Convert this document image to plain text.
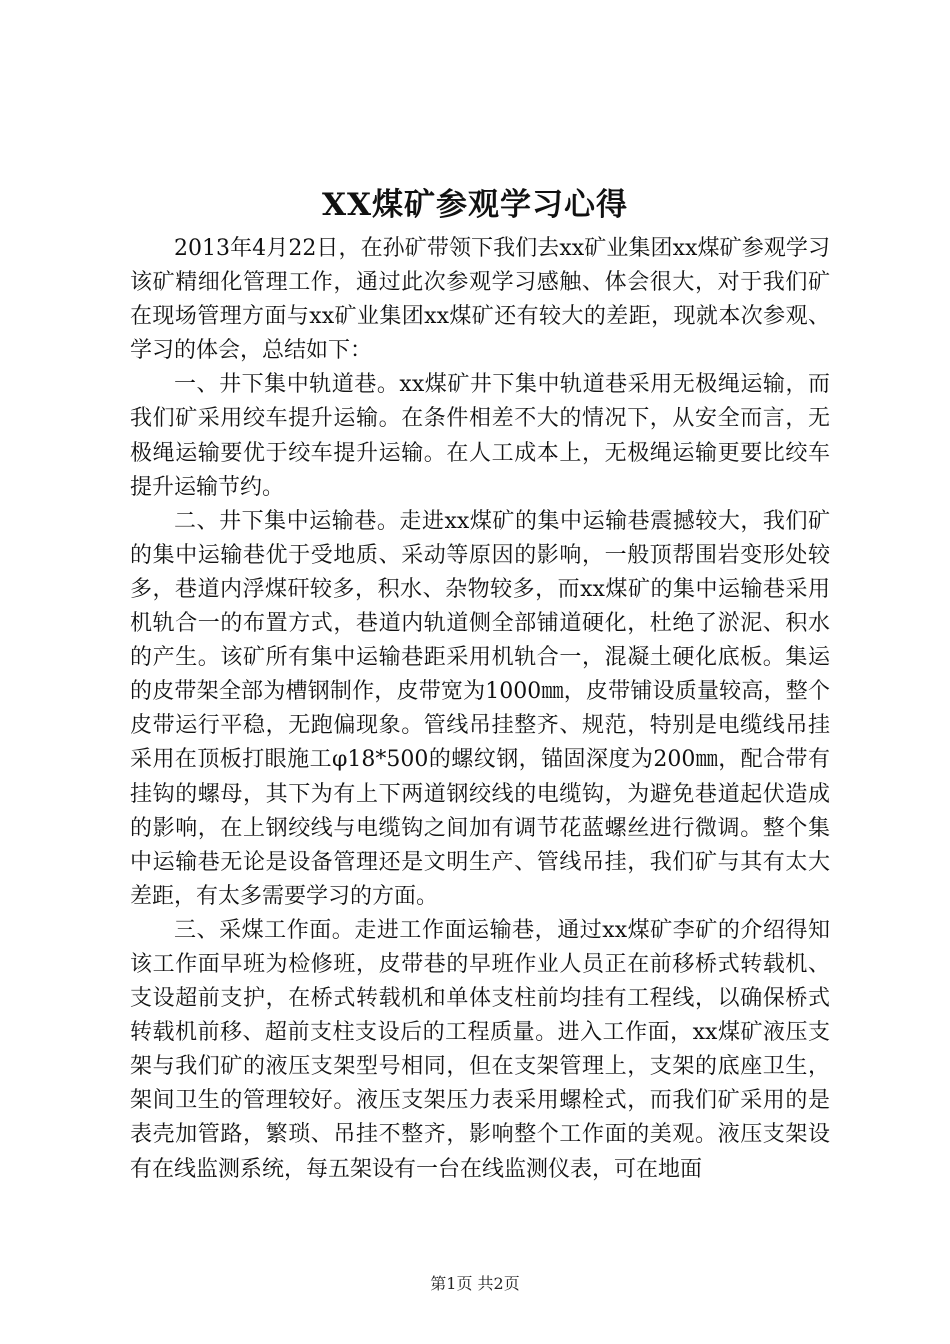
XX煤矿参观学习心得

2013年4月22日，在孙矿带领下我们去xx矿业集团xx煤矿参观学习该矿精细化管理工作，通过此次参观学习感触、体会很大，对于我们矿在现场管理方面与xx矿业集团xx煤矿还有较大的差距，现就本次参观、学习的体会，总结如下：

一、井下集中轨道巷。xx煤矿井下集中轨道巷采用无极绳运输，而我们矿采用绞车提升运输。在条件相差不大的情况下，从安全而言，无极绳运输要优于绞车提升运输。在人工成本上，无极绳运输更要比绞车提升运输节约。

二、井下集中运输巷。走进xx煤矿的集中运输巷震撼较大，我们矿的集中运输巷优于受地质、采动等原因的影响，一般顶帮围岩变形处较多，巷道内浮煤矸较多，积水、杂物较多，而xx煤矿的集中运输巷采用机轨合一的布置方式，巷道内轨道侧全部铺道硬化，杜绝了淤泥、积水的产生。该矿所有集中运输巷距采用机轨合一，混凝土硬化底板。集运的皮带架全部为槽钢制作，皮带宽为1000㎜，皮带铺设质量较高，整个皮带运行平稳，无跑偏现象。管线吊挂整齐、规范，特别是电缆线吊挂采用在顶板打眼施工φ18*500的螺纹钢，锚固深度为200㎜，配合带有挂钩的螺母，其下为有上下两道钢绞线的电缆钩，为避免巷道起伏造成的影响，在上钢绞线与电缆钩之间加有调节花蓝螺丝进行微调。整个集中运输巷无论是设备管理还是文明生产、管线吊挂，我们矿与其有太大差距，有太多需要学习的方面。

三、采煤工作面。走进工作面运输巷，通过xx煤矿李矿的介绍得知该工作面早班为检修班，皮带巷的早班作业人员正在前移桥式转载机、支设超前支护，在桥式转载机和单体支柱前均挂有工程线，以确保桥式转载机前移、超前支柱支设后的工程质量。进入工作面，xx煤矿液压支架与我们矿的液压支架型号相同，但在支架管理上，支架的底座卫生，架间卫生的管理较好。液压支架压力表采用螺栓式，而我们矿采用的是表壳加管路，繁琐、吊挂不整齐，影响整个工作面的美观。液压支架设有在线监测系统，每五架设有一台在线监测仪表，可在地面

第1页 共2页
